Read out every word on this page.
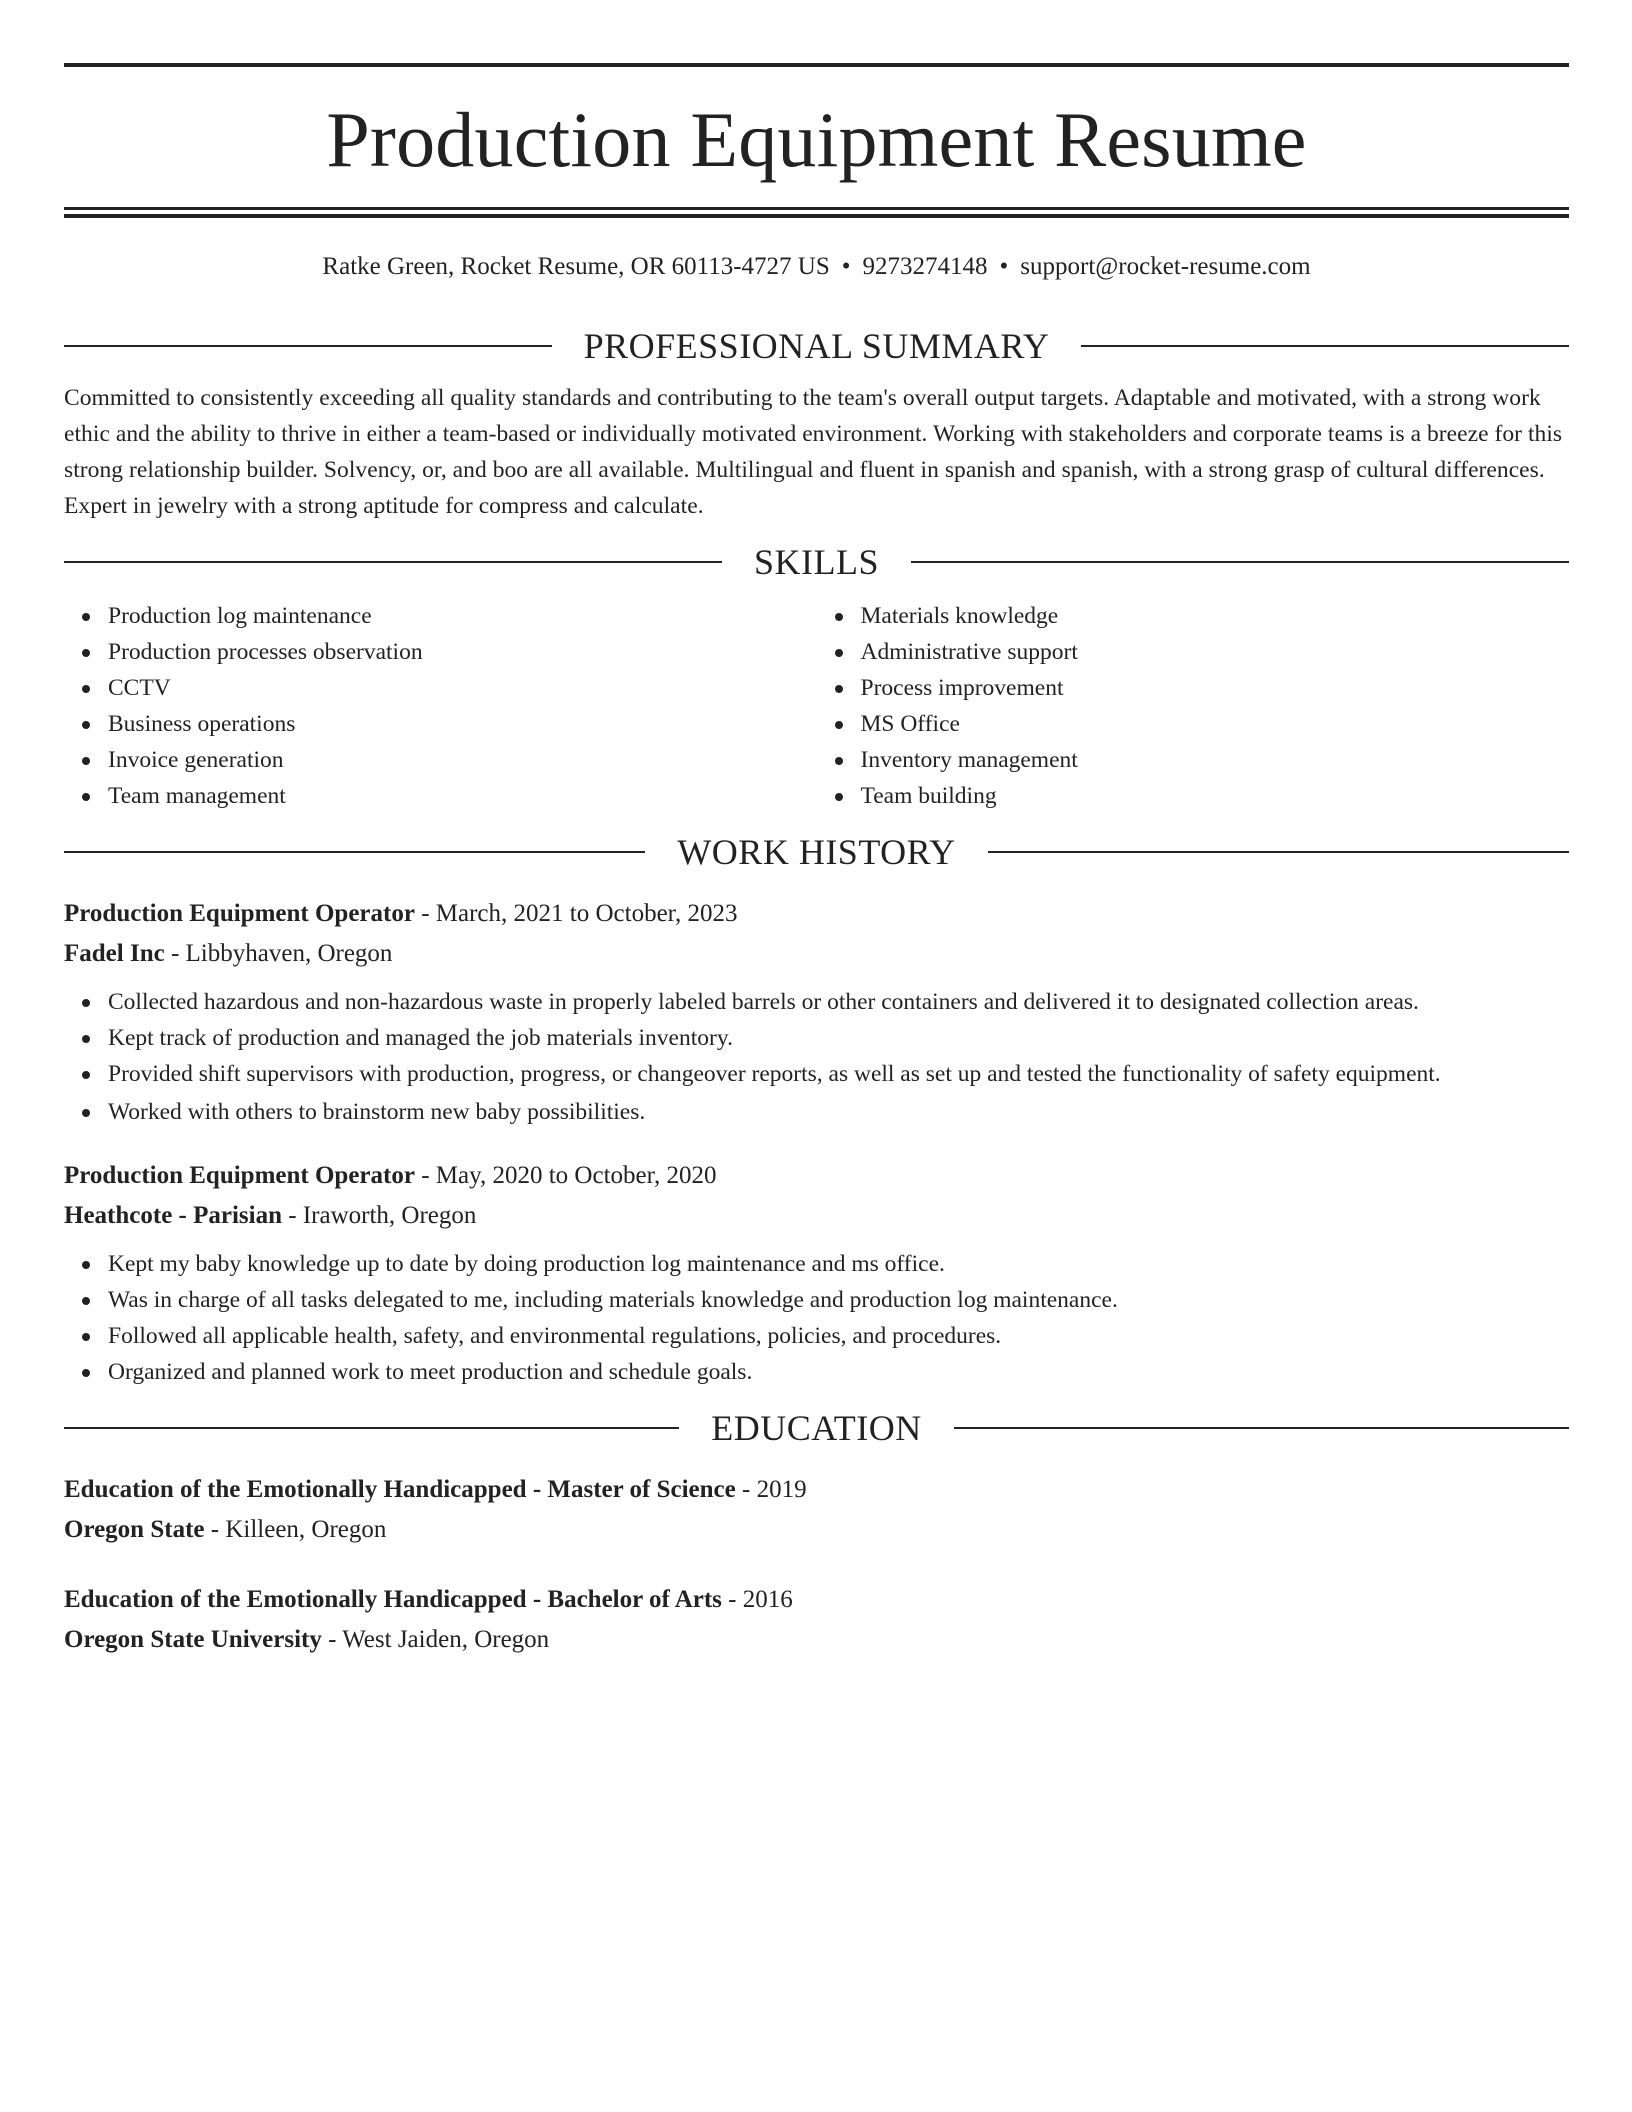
Production Equipment Resume
Ratke Green, Rocket Resume, OR 60113-4727 US • 9273274148 • support@rocket-resume.com
PROFESSIONAL SUMMARY
Committed to consistently exceeding all quality standards and contributing to the team's overall output targets. Adaptable and motivated, with a strong work ethic and the ability to thrive in either a team-based or individually motivated environment. Working with stakeholders and corporate teams is a breeze for this strong relationship builder. Solvency, or, and boo are all available. Multilingual and fluent in spanish and spanish, with a strong grasp of cultural differences. Expert in jewelry with a strong aptitude for compress and calculate.
SKILLS
Production log maintenance
Production processes observation
CCTV
Business operations
Invoice generation
Team management
Materials knowledge
Administrative support
Process improvement
MS Office
Inventory management
Team building
WORK HISTORY
Production Equipment Operator - March, 2021 to October, 2023
Fadel Inc - Libbyhaven, Oregon
Collected hazardous and non-hazardous waste in properly labeled barrels or other containers and delivered it to designated collection areas.
Kept track of production and managed the job materials inventory.
Provided shift supervisors with production, progress, or changeover reports, as well as set up and tested the functionality of safety equipment.
Worked with others to brainstorm new baby possibilities.
Production Equipment Operator - May, 2020 to October, 2020
Heathcote - Parisian - Iraworth, Oregon
Kept my baby knowledge up to date by doing production log maintenance and ms office.
Was in charge of all tasks delegated to me, including materials knowledge and production log maintenance.
Followed all applicable health, safety, and environmental regulations, policies, and procedures.
Organized and planned work to meet production and schedule goals.
EDUCATION
Education of the Emotionally Handicapped - Master of Science - 2019
Oregon State - Killeen, Oregon
Education of the Emotionally Handicapped - Bachelor of Arts - 2016
Oregon State University - West Jaiden, Oregon
